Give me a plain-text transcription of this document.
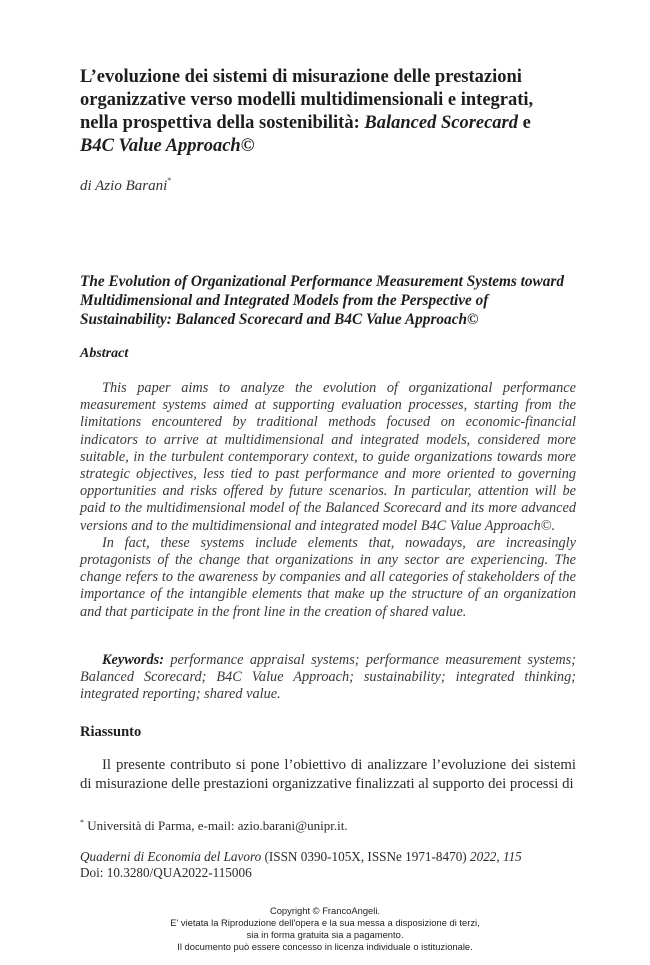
L’evoluzione dei sistemi di misurazione delle prestazioni
organizzative verso modelli multidimensionali e integrati,
nella prospettiva della sostenibilità: Balanced Scorecard e
B4C Value Approach©
di Azio Barani*
The Evolution of Organizational Performance Measurement Systems toward Multidimensional and Integrated Models from the Perspective of Sustainability: Balanced Scorecard and B4C Value Approach©
Abstract

This paper aims to analyze the evolution of organizational performance measurement systems aimed at supporting evaluation processes, starting from the limitations encountered by traditional methods focused on economic-financial indicators to arrive at multidimensional and integrated models, considered more suitable, in the turbulent contemporary context, to guide organizations towards more strategic objectives, less tied to past performance and more oriented to governing opportunities and risks offered by future scenarios. In particular, attention will be paid to the multidimensional model of the Balanced Scorecard and its more advanced versions and to the multidimensional and integrated model B4C Value Approach©.

In fact, these systems include elements that, nowadays, are increasingly protagonists of the change that organizations in any sector are experiencing. The change refers to the awareness by companies and all categories of stakeholders of the importance of the intangible elements that make up the structure of an organization and that participate in the front line in the creation of shared value.

Keywords: performance appraisal systems; performance measurement systems; Balanced Scorecard; B4C Value Approach; sustainability; integrated thinking; integrated reporting; shared value.
Riassunto
Il presente contributo si pone l’obiettivo di analizzare l’evoluzione dei sistemi di misurazione delle prestazioni organizzative finalizzati al supporto dei processi di
* Università di Parma, e-mail: azio.barani@unipr.it.
Quaderni di Economia del Lavoro (ISSN 0390-105X, ISSNe 1971-8470) 2022, 115
Doi: 10.3280/QUA2022-115006
Copyright © FrancoAngeli.
E' vietata la Riproduzione dell'opera e la sua messa a disposizione di terzi,
sia in forma gratuita sia a pagamento.
Il documento può essere concesso in licenza individuale o istituzionale.
